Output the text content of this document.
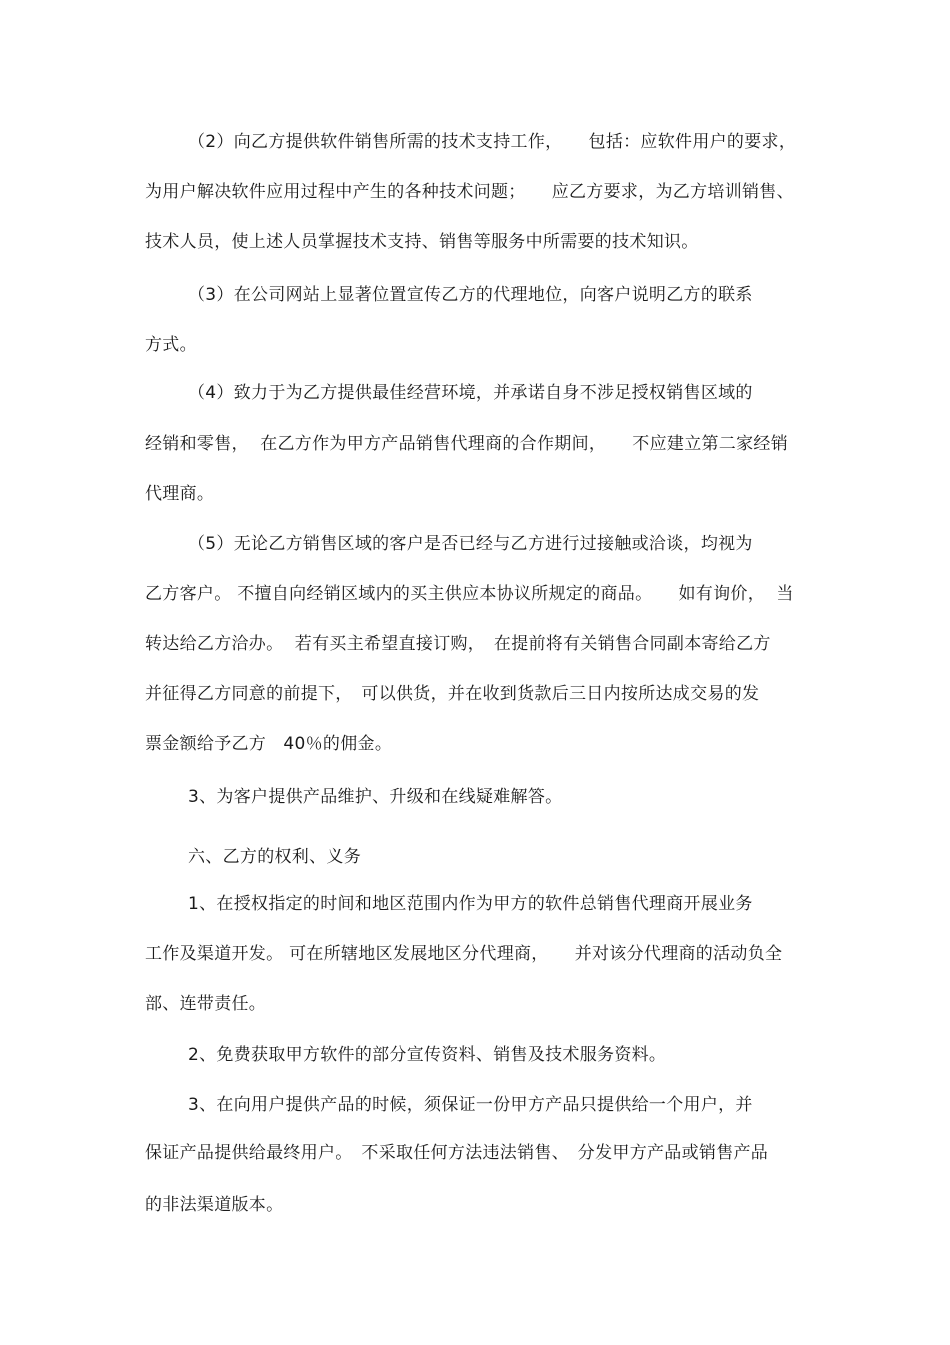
（2）向乙方提供软件销售所需的技术支持工作，　　包括：应软件用户的要求，
为用户解决软件应用过程中产生的各种技术问题；　　应乙方要求，为乙方培训销售、
技术人员，使上述人员掌握技术支持、销售等服务中所需要的技术知识。
（3）在公司网站上显著位置宣传乙方的代理地位，向客户说明乙方的联系
方式。
（4）致力于为乙方提供最佳经营环境，并承诺自身不涉足授权销售区域的
经销和零售，  在乙方作为甲方产品销售代理商的合作期间，　　不应建立第二家经销
代理商。
（5）无论乙方销售区域的客户是否已经与乙方进行过接触或洽谈，均视为
乙方客户。 不擅自向经销区域内的买主供应本协议所规定的商品。　　如有询价，  当
转达给乙方洽办。  若有买主希望直接订购，　在提前将有关销售合同副本寄给乙方
并征得乙方同意的前提下，　可以供货，并在收到货款后三日内按所达成交易的发
票金额给予乙方　40％的佣金。
3、为客户提供产品维护、升级和在线疑难解答。
六、乙方的权利、义务
1、在授权指定的时间和地区范围内作为甲方的软件总销售代理商开展业务
工作及渠道开发。 可在所辖地区发展地区分代理商，　　并对该分代理商的活动负全
部、连带责任。
2、免费获取甲方软件的部分宣传资料、销售及技术服务资料。
3、在向用户提供产品的时候，须保证一份甲方产品只提供给一个用户，并
保证产品提供给最终用户。　不采取任何方法违法销售、　分发甲方产品或销售产品
的非法渠道版本。
